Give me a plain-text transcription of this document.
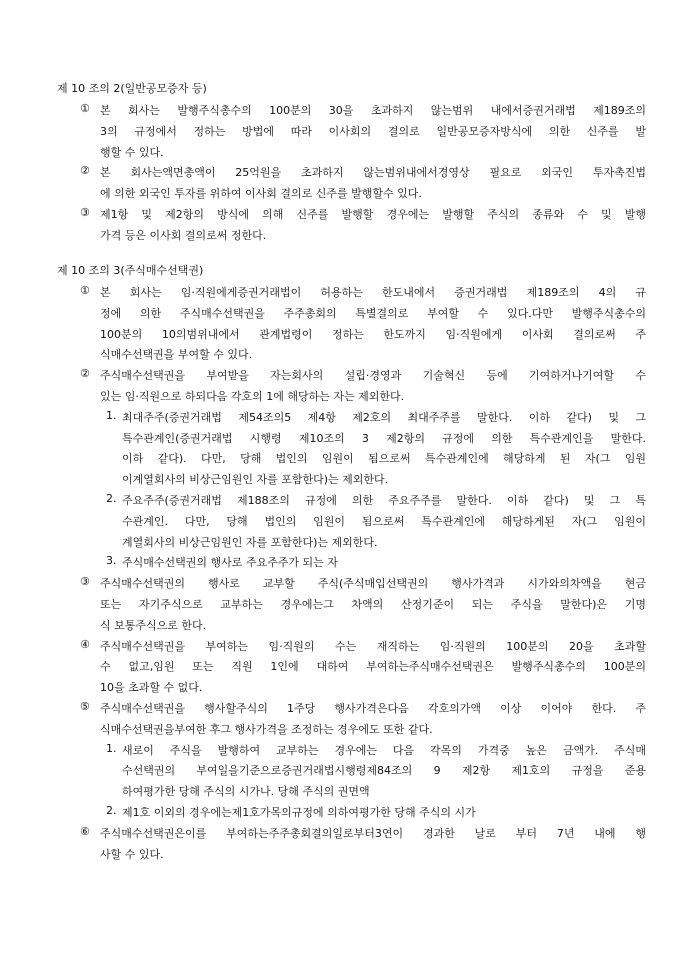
제 10 조의 2(일반공모증자 등)
① 본 회사는 발행주식총수의 100분의 30을 초과하지 않는범위 내에서증권거래법 제189조의
3의 규정에서 정하는 방법에 따라 이사회의 결의로 일반공모증자방식에 의한 신주를 발
행할 수 있다.
② 본 회사는액면총액이 25억원을 초과하지 않는범위내에서경영상 필요로 외국인 투자촉진법
에 의한 외국인 투자를 위하여 이사회 결의로 신주를 발행할수 있다.
③ 제1항 및 제2항의 방식에 의해 신주를 발행할 경우에는 발행할 주식의 종류와 수 및 발행
가격 등은 이사회 결의로써 정한다.
제 10 조의 3(주식매수선택권)
① 본 회사는 임·직원에게증권거래법이 허용하는 한도내에서 증권거래법 제189조의 4의 규
정에 의한 주식매수선택권을 주주총회의 특별결의로 부여할 수 있다.다만 발행주식총수의
100분의 10의범위내에서 관계법령이 정하는 한도까지 임·직원에게 이사회 결의로써 주
식매수선택권을 부여할 수 있다.
② 주식매수선택권을 부여받을 자는회사의 설립·경영과 기술혁신 등에 기여하거나기여할 수
있는 임·직원으로 하되다음 각호의 1에 해당하는 자는 제외한다.
1. 최대주주(증권거래법 제54조의5 제4항 제2호의 최대주주를 말한다. 이하 같다) 및 그
특수관계인(증권거래법 시행령 제10조의 3 제2항의 규정에 의한 특수관계인을 말한다.
이하 같다). 다만, 당해 법인의 임원이 됨으로써 특수관계인에 해당하게 된 자(그 임원
이계열회사의 비상근임원인 자를 포함한다)는 제외한다.
2. 주요주주(증권거래법 제188조의 규정에 의한 주요주주를 말한다. 이하 같다) 및 그 특
수관계인. 다만, 당해 법인의 임원이 됨으로써 특수관계인에 해당하게된 자(그 임원이
계열회사의 비상근임원인 자를 포함한다)는 제외한다.
3. 주식매수선택권의 행사로 주요주주가 되는 자
③ 주식매수선택권의 행사로 교부할 주식(주식매입선택권의 행사가격과 시가와의차액을 현금
또는 자기주식으로 교부하는 경우에는그 차액의 산정기준이 되는 주식을 말한다)은 기명
식 보통주식으로 한다.
④ 주식매수선택권을 부여하는 임·직원의 수는 재직하는 임·직원의 100분의 20을 초과할
수 없고,임원 또는 직원 1인에 대하여 부여하는주식매수선택권은 발행주식총수의 100분의
10을 초과할 수 없다.
⑤ 주식매수선택권을 행사할주식의 1주당 행사가격은다음 각호의가액 이상 이어야 한다. 주
식매수선택권을부여한 후그 행사가격을 조정하는 경우에도 또한 같다.
1. 새로이 주식을 발행하여 교부하는 경우에는 다음 각목의 가격중 높은 금액가. 주식매
수선택권의 부여일을기준으로증권거래법시행령제84조의 9 제2항 제1호의 규정을 준용
하여평가한 당해 주식의 시가나. 당해 주식의 권면액
2. 제1호 이외의 경우에는제1호가목의규정에 의하여평가한 당해 주식의 시가
⑥ 주식매수선택권은이를 부여하는주주총회결의일로부터3연이 경과한 날로 부터 7년 내에 행
사할 수 있다.
